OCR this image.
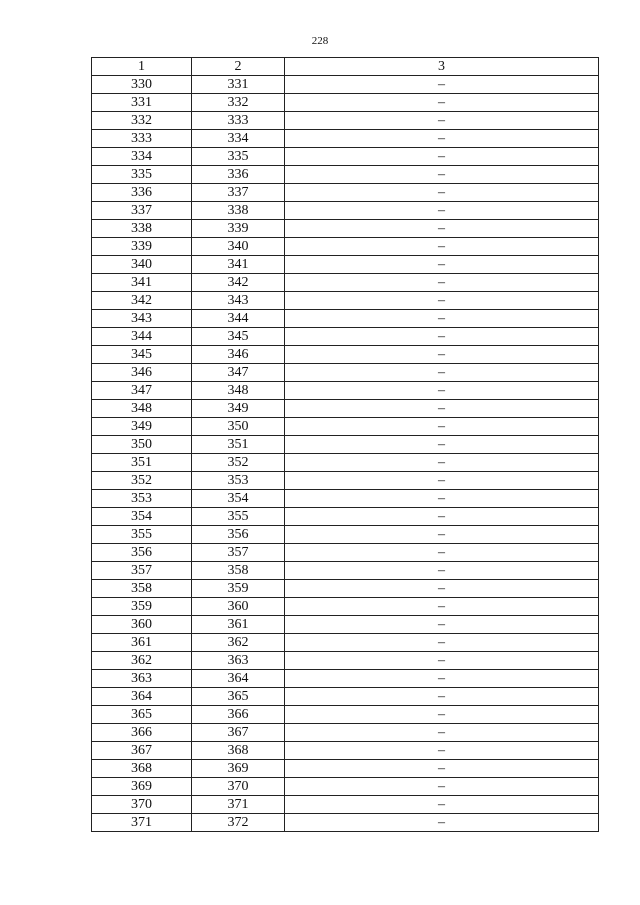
228
1	2	3
330	331	–
331	332	–
332	333	–
333	334	–
334	335	–
335	336	–
336	337	–
337	338	–
338	339	–
339	340	–
340	341	–
341	342	–
342	343	–
343	344	–
344	345	–
345	346	–
346	347	–
347	348	–
348	349	–
349	350	–
350	351	–
351	352	–
352	353	–
353	354	–
354	355	–
355	356	–
356	357	–
357	358	–
358	359	–
359	360	–
360	361	–
361	362	–
362	363	–
363	364	–
364	365	–
365	366	–
366	367	–
367	368	–
368	369	–
369	370	–
370	371	–
371	372	–
